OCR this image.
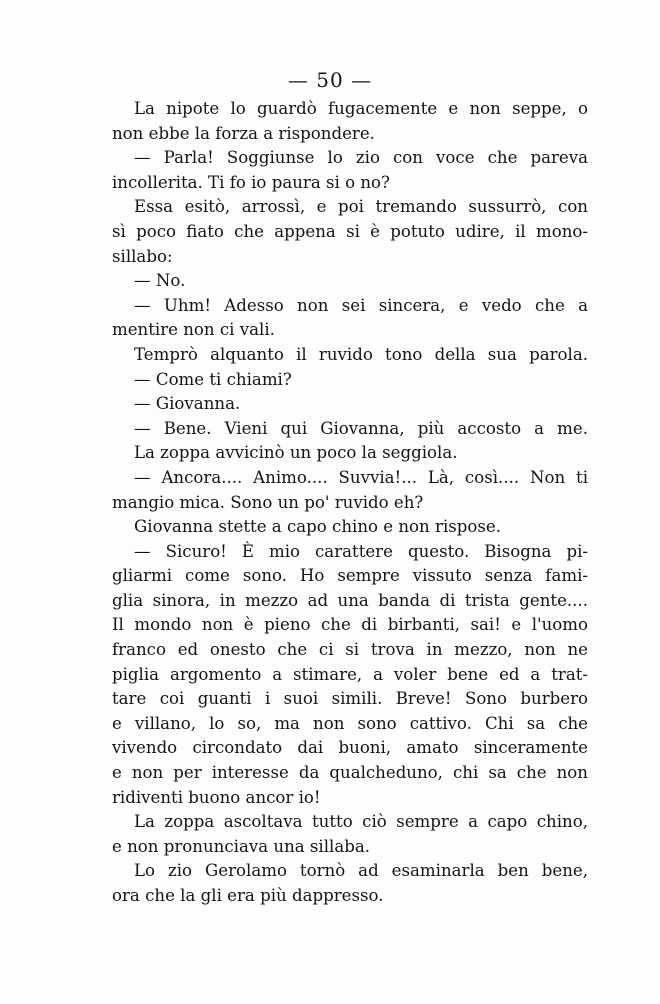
— 50 —
La nipote lo guardò fugacemente e non seppe, o
non ebbe la forza a rispondere.
— Parla! Soggiunse lo zio con voce che pareva
incollerita. Ti fo io paura si o no?
Essa esitò, arrossì, e poi tremando sussurrò, con
sì poco fiato che appena si è potuto udire, il mono-
sillabo:
— No.
— Uhm! Adesso non sei sincera, e vedo che a
mentire non ci vali.
Temprò alquanto il ruvido tono della sua parola.
— Come ti chiami?
— Giovanna.
— Bene. Vieni qui Giovanna, più accosto a me.
La zoppa avvicinò un poco la seggiola.
— Ancora.... Animo.... Suvvia!... Là, così.... Non ti
mangio mica. Sono un po' ruvido eh?
Giovanna stette a capo chino e non rispose.
— Sicuro! È mio carattere questo. Bisogna pi-
gliarmi come sono. Ho sempre vissuto senza fami-
glia sinora, in mezzo ad una banda di trista gente....
Il mondo non è pieno che di birbanti, sai! e l'uomo
franco ed onesto che ci si trova in mezzo, non ne
piglia argomento a stimare, a voler bene ed a trat-
tare coi guanti i suoi simili. Breve! Sono burbero
e villano, lo so, ma non sono cattivo. Chi sa che
vivendo circondato dai buoni, amato sinceramente
e non per interesse da qualcheduno, chi sa che non
ridiventi buono ancor io!
La zoppa ascoltava tutto ciò sempre a capo chino,
e non pronunciava una sillaba.
Lo zio Gerolamo tornò ad esaminarla ben bene,
ora che la gli era più dappresso.
